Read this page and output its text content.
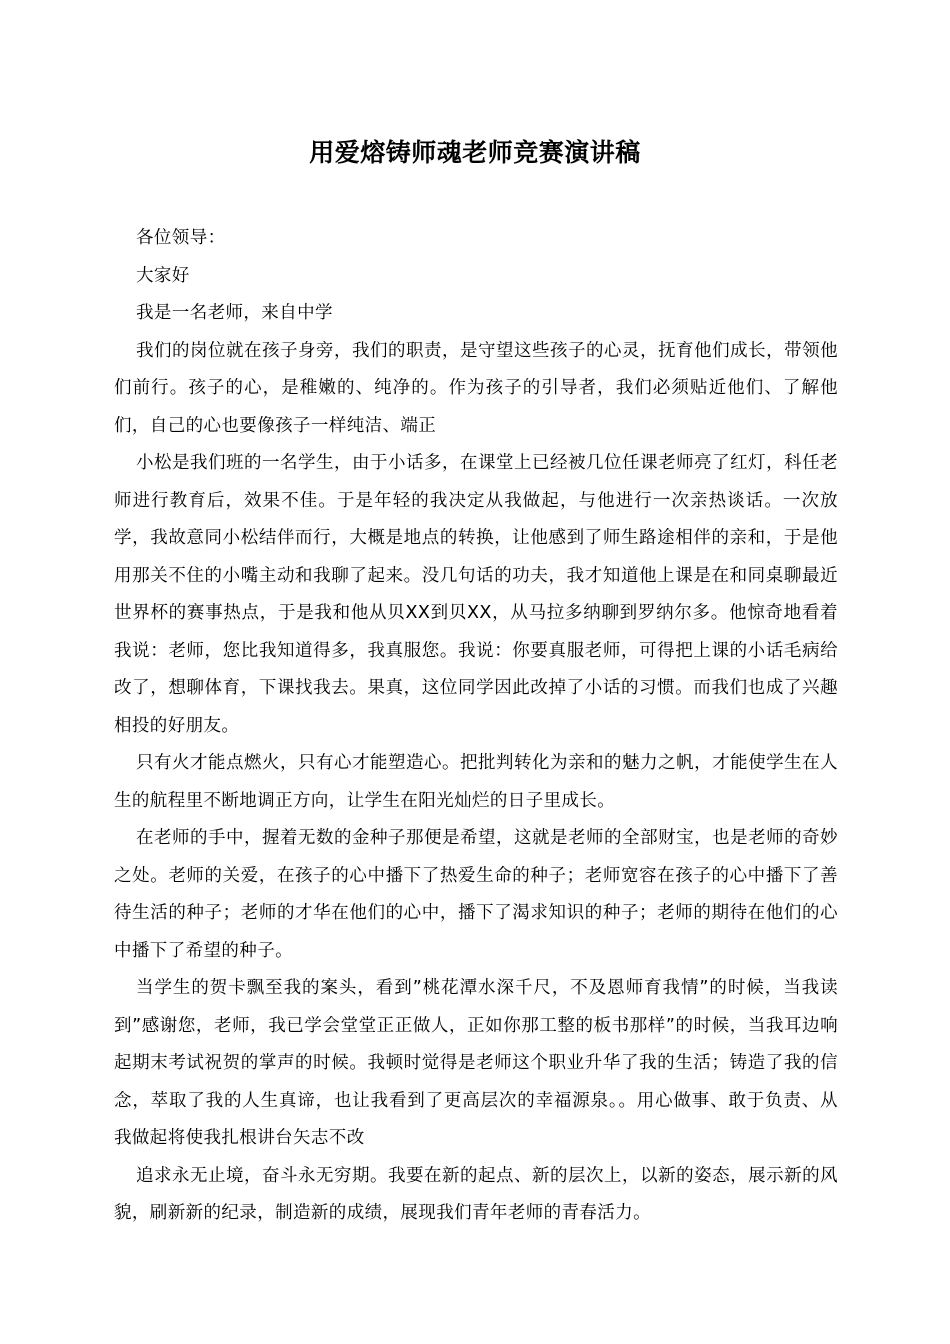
用爱熔铸师魂老师竞赛演讲稿

各位领导：

大家好

我是一名老师，来自中学

我们的岗位就在孩子身旁，我们的职责，是守望这些孩子的心灵，抚育他们成长，带领他们前行。孩子的心，是稚嫩的、纯净的。作为孩子的引导者，我们必须贴近他们、了解他们，自己的心也要像孩子一样纯洁、端正

小松是我们班的一名学生，由于小话多，在课堂上已经被几位任课老师亮了红灯，科任老师进行教育后，效果不佳。于是年轻的我决定从我做起，与他进行一次亲热谈话。一次放学，我故意同小松结伴而行，大概是地点的转换，让他感到了师生路途相伴的亲和，于是他用那关不住的小嘴主动和我聊了起来。没几句话的功夫，我才知道他上课是在和同桌聊最近世界杯的赛事热点，于是我和他从贝XX到贝XX，从马拉多纳聊到罗纳尔多。他惊奇地看着我说：老师，您比我知道得多，我真服您。我说：你要真服老师，可得把上课的小话毛病给改了，想聊体育，下课找我去。果真，这位同学因此改掉了小话的习惯。而我们也成了兴趣相投的好朋友。

只有火才能点燃火，只有心才能塑造心。把批判转化为亲和的魅力之帆，才能使学生在人生的航程里不断地调正方向，让学生在阳光灿烂的日子里成长。

在老师的手中，握着无数的金种子那便是希望，这就是老师的全部财宝，也是老师的奇妙之处。老师的关爱，在孩子的心中播下了热爱生命的种子；老师宽容在孩子的心中播下了善待生活的种子；老师的才华在他们的心中，播下了渴求知识的种子；老师的期待在他们的心中播下了希望的种子。

当学生的贺卡飘至我的案头，看到”桃花潭水深千尺，不及恩师育我情”的时候，当我读到”感谢您，老师，我已学会堂堂正正做人，正如你那工整的板书那样”的时候，当我耳边响起期末考试祝贺的掌声的时候。我顿时觉得是老师这个职业升华了我的生活；铸造了我的信念，萃取了我的人生真谛，也让我看到了更高层次的幸福源泉。。用心做事、敢于负责、从我做起将使我扎根讲台矢志不改

追求永无止境，奋斗永无穷期。我要在新的起点、新的层次上，以新的姿态，展示新的风貌，刷新新的纪录，制造新的成绩，展现我们青年老师的青春活力。
